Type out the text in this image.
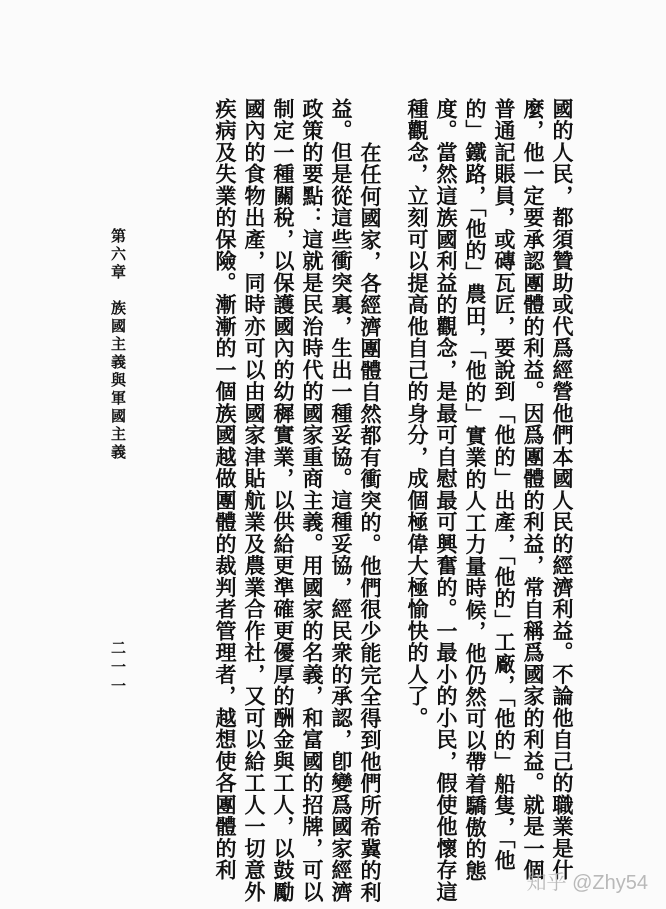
國的人民，都須贊助或代爲經營他們本國人民的經濟利益。不論他自己的職業是什
麼，他一定要承認團體的利益。因爲團體的利益，常自稱爲國家的利益。就是一個
普通記賬員，或磚瓦匠，要說到「他的」出產，「他的」工廠，「他的」船隻，「他
的」鐵路，「他的」農田，「他的」實業的人工力量時候，他仍然可以帶着驕傲的態
度。當然這族國利益的觀念，是最可自慰最可興奮的。一最小的小民，假使他懷存這
種觀念，立刻可以提高他自己的身分，成個極偉大極愉快的人了。
在任何國家，各經濟團體自然都有衝突的。他們很少能完全得到他們所希冀的利
益。但是從這些衝突裏，生出一種妥協。這種妥協，經民衆的承認，卽變爲國家經濟
政策的要點：這就是民治時代的國家重商主義。用國家的名義，和富國的招牌，可以
制定一種關稅，以保護國內的幼穉實業，以供給更準確更優厚的酬金與工人，以鼓勵
國內的食物出產，同時亦可以由國家津貼航業及農業合作社，又可以給工人一切意外
疾病及失業的保險。漸漸的一個族國越做團體的裁判者管理者，越想使各團體的利
第六章　族國主義與軍國主義
二一一
知乎 @Zhy54
